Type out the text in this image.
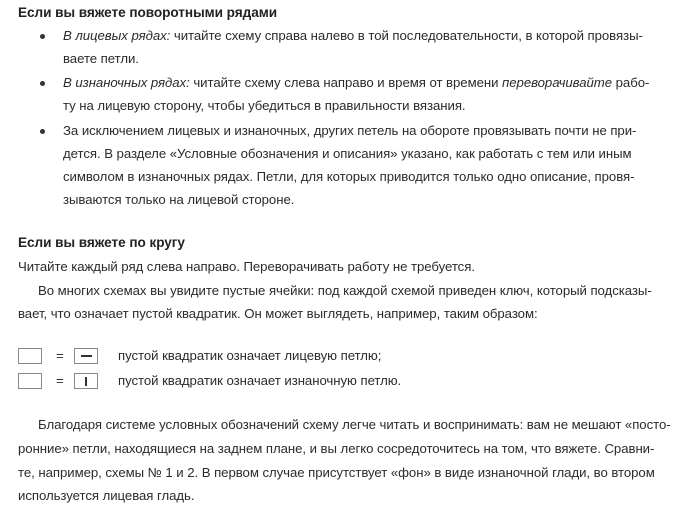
Если вы вяжете поворотными рядами
В лицевых рядах: читайте схему справа налево в той последовательности, в которой провязы-
ваете петли.
В изнаночных рядах: читайте схему слева направо и время от времени переворачивайте рабо-
ту на лицевую сторону, чтобы убедиться в правильности вязания.
За исключением лицевых и изнаночных, других петель на обороте провязывать почти не при-
дется. В разделе «Условные обозначения и описания» указано, как работать с тем или иным
символом в изнаночных рядах. Петли, для которых приводится только одно описание, провя-
зываются только на лицевой стороне.
Если вы вяжете по кругу
Читайте каждый ряд слева направо. Переворачивать работу не требуется.
Во многих схемах вы увидите пустые ячейки: под каждой схемой приведен ключ, который подсказы-
вает, что означает пустой квадратик. Он может выглядеть, например, таким образом:
=	пустой квадратик означает лицевую петлю;
=	пустой квадратик означает изнаночную петлю.
Благодаря системе условных обозначений схему легче читать и воспринимать: вам не мешают «посто-
ронние» петли, находящиеся на заднем плане, и вы легко сосредоточитесь на том, что вяжете. Сравни-
те, например, схемы № 1 и 2. В первом случае присутствует «фон» в виде изнаночной глади, во втором
используется лицевая гладь.
